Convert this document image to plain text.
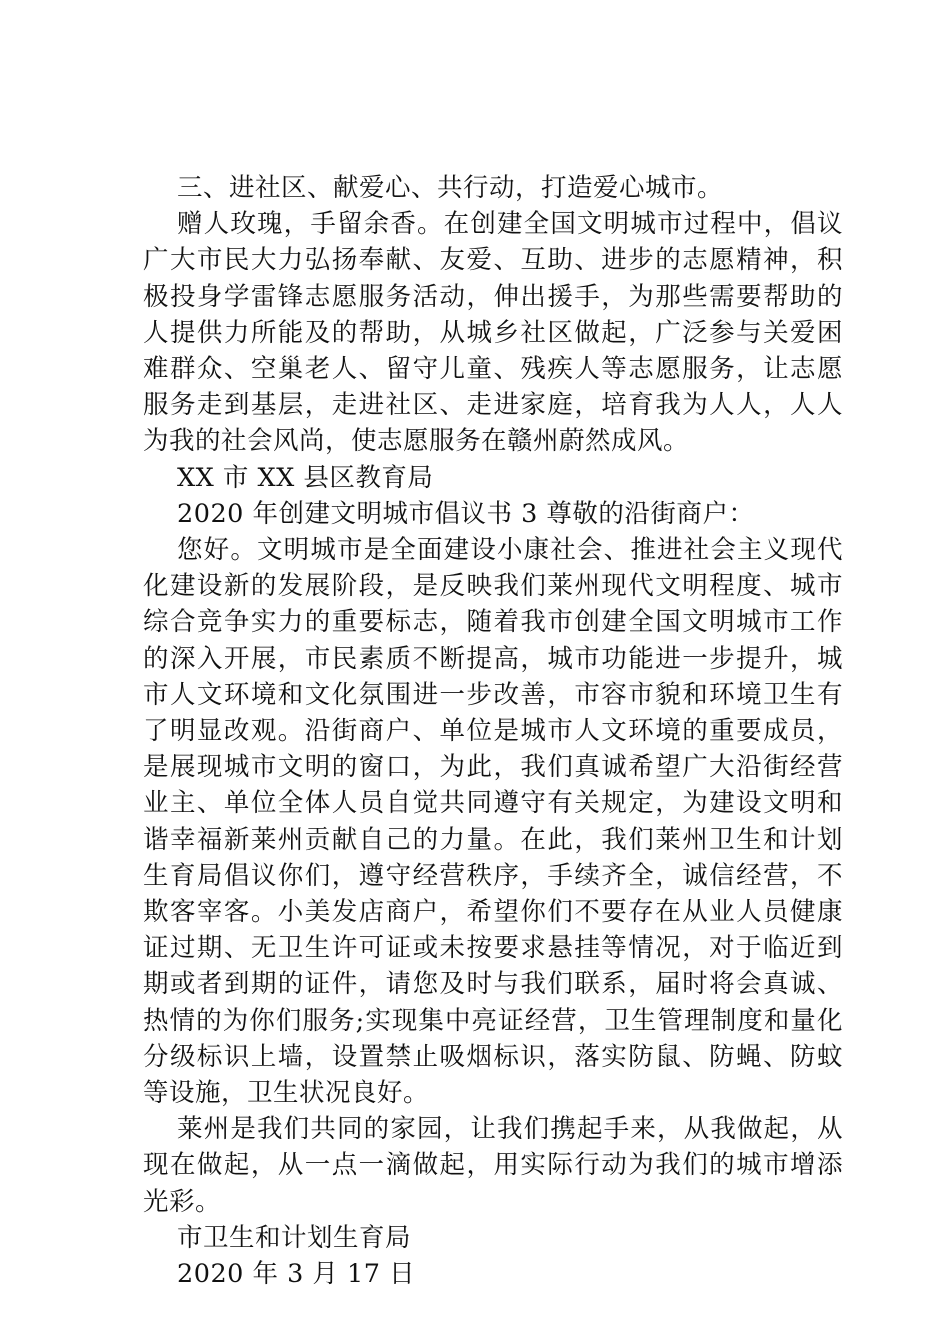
三、进社区、献爱心、共行动，打造爱心城市。

赠人玫瑰，手留余香。在创建全国文明城市过程中，倡议广大市民大力弘扬奉献、友爱、互助、进步的志愿精神，积极投身学雷锋志愿服务活动，伸出援手，为那些需要帮助的人提供力所能及的帮助，从城乡社区做起，广泛参与关爱困难群众、空巢老人、留守儿童、残疾人等志愿服务，让志愿服务走到基层，走进社区、走进家庭，培育我为人人，人人为我的社会风尚，使志愿服务在赣州蔚然成风。

XX 市 XX 县区教育局

2020 年创建文明城市倡议书 3 尊敬的沿街商户：

您好。文明城市是全面建设小康社会、推进社会主义现代化建设新的发展阶段，是反映我们莱州现代文明程度、城市综合竞争实力的重要标志，随着我市创建全国文明城市工作的深入开展，市民素质不断提高，城市功能进一步提升，城市人文环境和文化氛围进一步改善，市容市貌和环境卫生有了明显改观。沿街商户、单位是城市人文环境的重要成员，是展现城市文明的窗口，为此，我们真诚希望广大沿街经营业主、单位全体人员自觉共同遵守有关规定，为建设文明和谐幸福新莱州贡献自己的力量。在此，我们莱州卫生和计划生育局倡议你们，遵守经营秩序，手续齐全，诚信经营，不欺客宰客。小美发店商户，希望你们不要存在从业人员健康证过期、无卫生许可证或未按要求悬挂等情况，对于临近到期或者到期的证件，请您及时与我们联系，届时将会真诚、热情的为你们服务;实现集中亮证经营，卫生管理制度和量化分级标识上墙，设置禁止吸烟标识，落实防鼠、防蝇、防蚊等设施，卫生状况良好。

莱州是我们共同的家园，让我们携起手来，从我做起，从现在做起，从一点一滴做起，用实际行动为我们的城市增添光彩。

市卫生和计划生育局

2020 年 3 月 17 日
